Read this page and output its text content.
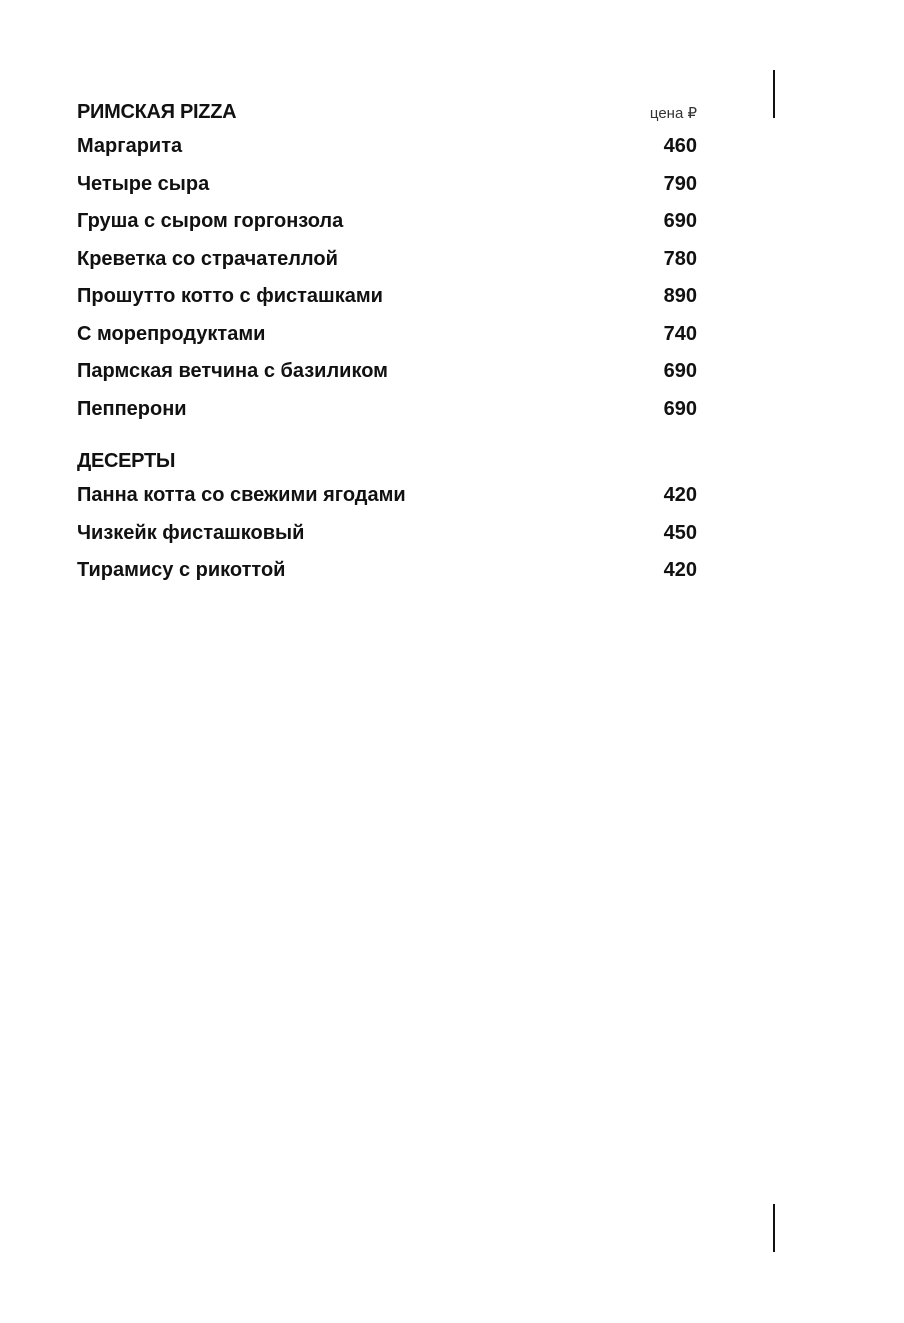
РИМСКАЯ PIZZA	цена ₽
Маргарита	460
Четыре сыра	790
Груша с сыром горгонзола	690
Креветка со страчателлой	780
Прошутто котто с фисташками	890
С морепродуктами	740
Пармская ветчина с базиликом	690
Пепперони	690
ДЕСЕРТЫ
Панна котта со свежими ягодами	420
Чизкейк фисташковый	450
Тирамису с рикоттой	420
